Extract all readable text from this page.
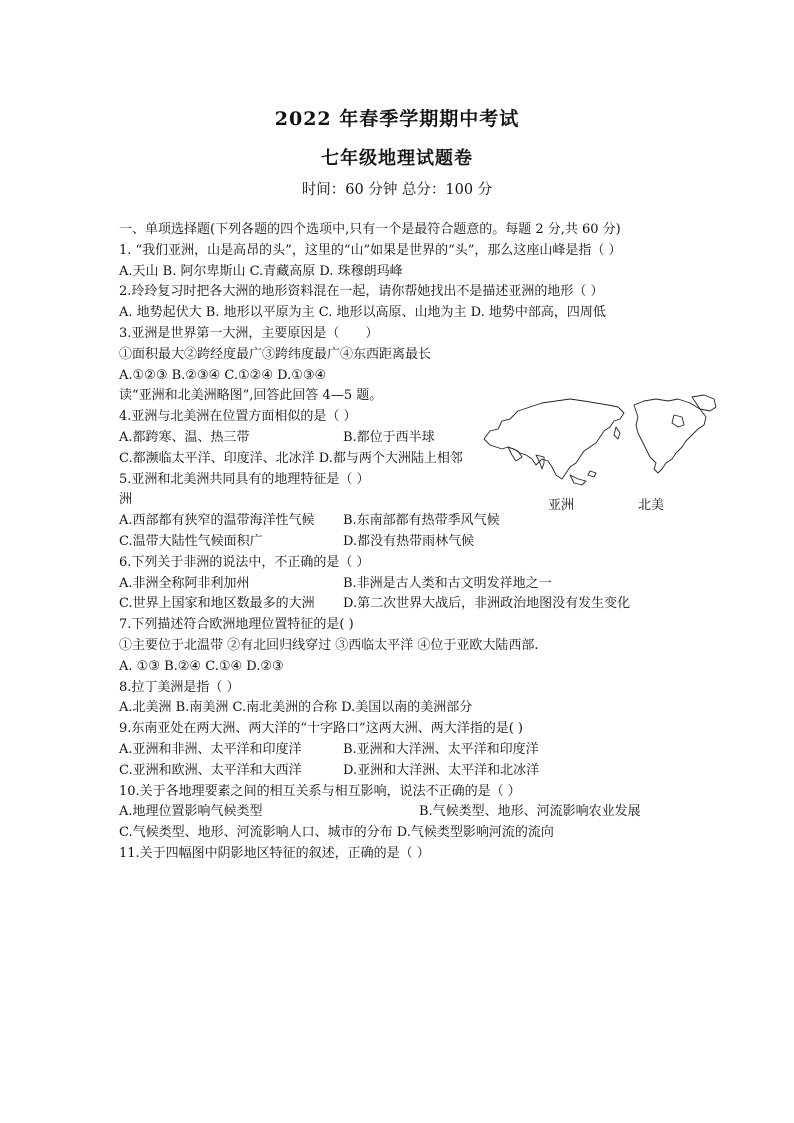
2022 年春季学期期中考试
七年级地理试题卷
时间：60 分钟 总分：100 分
一、单项选择题(下列各题的四个选项中,只有一个是最符合题意的。每题 2 分,共 60 分)
1. “我们亚洲，山是高昂的头”，这里的“山”如果是世界的“头”，那么这座山峰是指（ ）
A.天山 B. 阿尔卑斯山 C.青藏高原 D. 珠穆朗玛峰
2.玲玲复习时把各大洲的地形资料混在一起，请你帮她找出不是描述亚洲的地形（ ）
A. 地势起伏大 B. 地形以平原为主 C. 地形以高原、山地为主 D. 地势中部高，四周低
3.亚洲是世界第一大洲，主要原因是（　　）
①面积最大②跨经度最广③跨纬度最广④东西距离最长
A.①②③ B.②③④ C.①②④ D.①③④
读“亚洲和北美洲略图”,回答此回答 4—5 题。
4.亚洲与北美洲在位置方面相似的是（ ）
A.都跨寒、温、热三带	B.都位于西半球
C.都濒临太平洋、印度洋、北冰洋 D.都与两个大洲陆上相邻
5.亚洲和北美洲共同具有的地理特征是（ ）
洲
A.西部都有狭窄的温带海洋性气候	B.东南部都有热带季风气候
C.温带大陆性气候面积广	D.都没有热带雨林气候
6.下列关于非洲的说法中，不正确的是（ ）
A.非洲全称阿非利加州	B.非洲是古人类和古文明发祥地之一
C.世界上国家和地区数最多的大洲	D.第二次世界大战后，非洲政治地图没有发生变化
7.下列描述符合欧洲地理位置特征的是( )
①主要位于北温带 ②有北回归线穿过 ③西临太平洋 ④位于亚欧大陆西部.
A. ①③ B.②④ C.①④ D.②③
8.拉丁美洲是指（ ）
A.北美洲 B.南美洲 C.南北美洲的合称 D.美国以南的美洲部分
9.东南亚处在两大洲、两大洋的“十字路口”这两大洲、两大洋指的是( )
A.亚洲和非洲、太平洋和印度洋	B.亚洲和大洋洲、太平洋和印度洋
C.亚洲和欧洲、太平洋和大西洋	D.亚洲和大洋洲、太平洋和北冰洋
10.关于各地理要素之间的相互关系与相互影响，说法不正确的是（ ）
A.地理位置影响气候类型	B.气候类型、地形、河流影响农业发展
C.气候类型、地形、河流影响人口、城市的分布 D.气候类型影响河流的流向
11.关于四幅图中阴影地区特征的叙述，正确的是（ ）
亚洲	北美
